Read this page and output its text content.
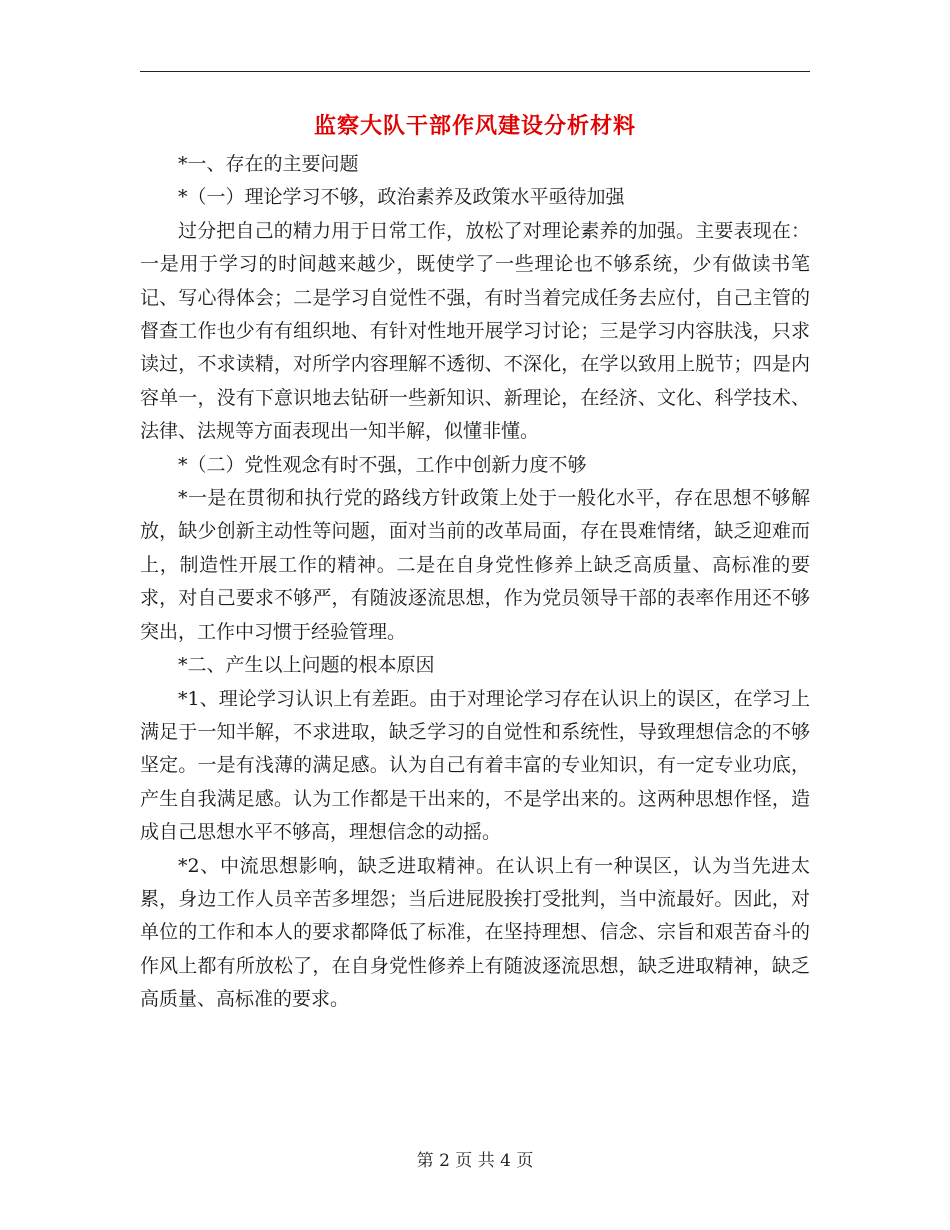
监察大队干部作风建设分析材料

*一、存在的主要问题

*（一）理论学习不够，政治素养及政策水平亟待加强

过分把自己的精力用于日常工作，放松了对理论素养的加强。主要表现在：一是用于学习的时间越来越少，既使学了一些理论也不够系统，少有做读书笔记、写心得体会；二是学习自觉性不强，有时当着完成任务去应付，自己主管的督查工作也少有有组织地、有针对性地开展学习讨论；三是学习内容肤浅，只求读过，不求读精，对所学内容理解不透彻、不深化，在学以致用上脱节；四是内容单一，没有下意识地去钻研一些新知识、新理论，在经济、文化、科学技术、法律、法规等方面表现出一知半解，似懂非懂。

*（二）党性观念有时不强，工作中创新力度不够

*一是在贯彻和执行党的路线方针政策上处于一般化水平，存在思想不够解放，缺少创新主动性等问题，面对当前的改革局面，存在畏难情绪，缺乏迎难而上，制造性开展工作的精神。二是在自身党性修养上缺乏高质量、高标准的要求，对自己要求不够严，有随波逐流思想，作为党员领导干部的表率作用还不够突出，工作中习惯于经验管理。

*二、产生以上问题的根本原因

*1、理论学习认识上有差距。由于对理论学习存在认识上的误区，在学习上满足于一知半解，不求进取，缺乏学习的自觉性和系统性，导致理想信念的不够坚定。一是有浅薄的满足感。认为自己有着丰富的专业知识，有一定专业功底，产生自我满足感。认为工作都是干出来的，不是学出来的。这两种思想作怪，造成自己思想水平不够高，理想信念的动摇。

*2、中流思想影响，缺乏进取精神。在认识上有一种误区，认为当先进太累，身边工作人员辛苦多埋怨；当后进屁股挨打受批判，当中流最好。因此，对单位的工作和本人的要求都降低了标准，在坚持理想、信念、宗旨和艰苦奋斗的作风上都有所放松了，在自身党性修养上有随波逐流思想，缺乏进取精神，缺乏高质量、高标准的要求。

第 2 页 共 4 页
